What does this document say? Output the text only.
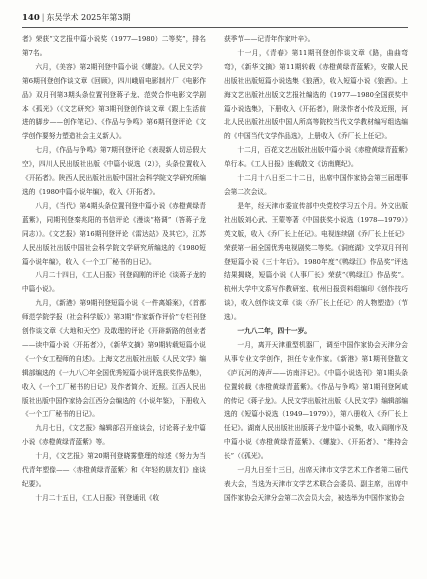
140 | 东吴学术 2025年第3期

者》荣获“文艺报中篇小说奖（1977—1980）二等奖”，排名第7名。

六月，《美容》第2期刊登中篇小说《螺旋》。《人民文学》第6期刊登创作谈文章《回顾》，四川峨眉电影制片厂《电影作品》双月刊第3期头条位置刊登蒋子龙、范荧合作电影文学剧本《孤光》（《文艺研究》第3期刊登创作谈文章《跟上生活前进的脚步——创作笔记》、《作品与争鸣》第6期刊登评论《文学创作要努力塑造社会主义新人》。

七月，《作品与争鸣》第7期刊登评论《表现新人切忌假大空》，四川人民出版社出版《中篇小说选（2）》，头条位置收入《开拓者》。陕西人民出版社出版中国社会科学院文学研究所编选的《1980中篇小说年编》，收入《开拓者》。

八月，《当代》第4期头条位置刊登中篇小说《赤橙黄绿青蓝紫》，同期刊登秦兆阳的书信评论《漫谈“格调”（答蒋子龙同志）》。《文艺报》第16期刊登评论《雷达站》及其它》，江苏人民出版社出版中国社会科学院文学研究所编选的《1980短篇小说年编》，收入《一个工厂秘书的日记》。

八月二十四日，《工人日报》刊登阎刚的评论《谈蒋子龙的中篇小说》。

九月，《新港》第9期刊登短篇小说《一件离婚案》，《首都师范学院学报（社会科学版）》第3期“作家新作评价”专栏刊登创作谈文章《大地和天空》及敢理的评论《开辟新路的创业者——读中篇小说〈开拓者〉》，《新华文摘》第9期转载短篇小说《一个女工程师的自述》。上海文艺出版社出版《人民文学》编辑部编选的《一九八〇年全国优秀短篇小说评选获奖作品集》，收入《一个工厂秘书的日记》及作者简介、近照。江西人民出版社出版中国作家协会江西分会编选的《小说年鉴》，下册收入《一个工厂秘书的日记》。

九月七日，《文艺报》编辑部召开座谈会，讨论蒋子龙中篇小说《赤橙黄绿青蓝紫》等。

十月，《文艺报》第20期刊登晓雾整理的综述《努力为当代青年塑像——〈赤橙黄绿青蓝紫〉和《年轻的朋友们》座谈纪要》。

十月二十五日，《工人日报》刊登通讯《收

获季节——记青年作家叶辛》。

十一月，《青春》第11期刊登创作谈文章《路，曲曲弯弯》，《新华文摘》第11期转载《赤橙黄绿青蓝紫》，安徽人民出版社出版短篇小说选集《狼酒》，收入短篇小说《狼酒》。上海文艺出版社出版文艺报社编选的《1977—1980全国获奖中篇小说选集》，下册收入《开拓者》，附录作者小传及近照，河北人民出版社出版中国人所高等院校当代文学教材编写组选编的《中国当代文学作品选》，上册收入《乔厂长上任记》。

十二月，百花文艺出版社出版中篇小说《赤橙黄绿青蓝紫》单行本。《工人日报》连载散文《访南麂纪》。

十二月十八日至二十二日，出席中国作家协会第三届理事会第二次会议。

是年，经天津市委宣传部中央党校学习五个月。外文出版社出版刘心武、王蒙等著《中国获奖小说选（1978—1979）》英文版，收入《乔厂长上任记》。电视连续剧《乔厂长上任记》荣获第一届全国优秀电视剧奖二等奖。《洞庭湖》文学双月刊刊登短篇小说《三十年后》。1980年度“《鸭绿江》作品奖”评选结果揭晓，短篇小说《人事厂长》荣获“《鸭绿江》作品奖”。杭州大学中文系写作教研室、杭州日报资料组编印《创作技巧谈》，收入创作谈文章《谈〈乔厂长上任记〉的人物塑造》（节选）。

一九八二年，四十一岁。

一月，离开天津重型机器厂，调至中国作家协会天津分会从事专业文学创作，担任专业作家。《新港》第1期刊登散文《庐瓦河的涛声——访南洋记》。《中篇小说选刊》第1期头条位置转载《赤橙黄绿青蓝紫》。《作品与争鸣》第1期刊登阿咸的传记《蒋子龙》。人民文学出版社出版《人民文学》编辑部编选的《短篇小说选（1949—1979）》，第八册收入《乔厂长上任记》。湖南人民出版社出版蒋子龙中篇小说集，收入阎刚序及中篇小说《赤橙黄绿青蓝紫》、《螺旋》、《开拓者》、“维持会长”（《孤光》。

一月九日至十三日，出席天津市文学艺术工作者第二届代表大会，当选为天津市文学艺术联合会委员、副主席，出席中国作家协会天津分会第二次会员大会，被选举为中国作家协会
